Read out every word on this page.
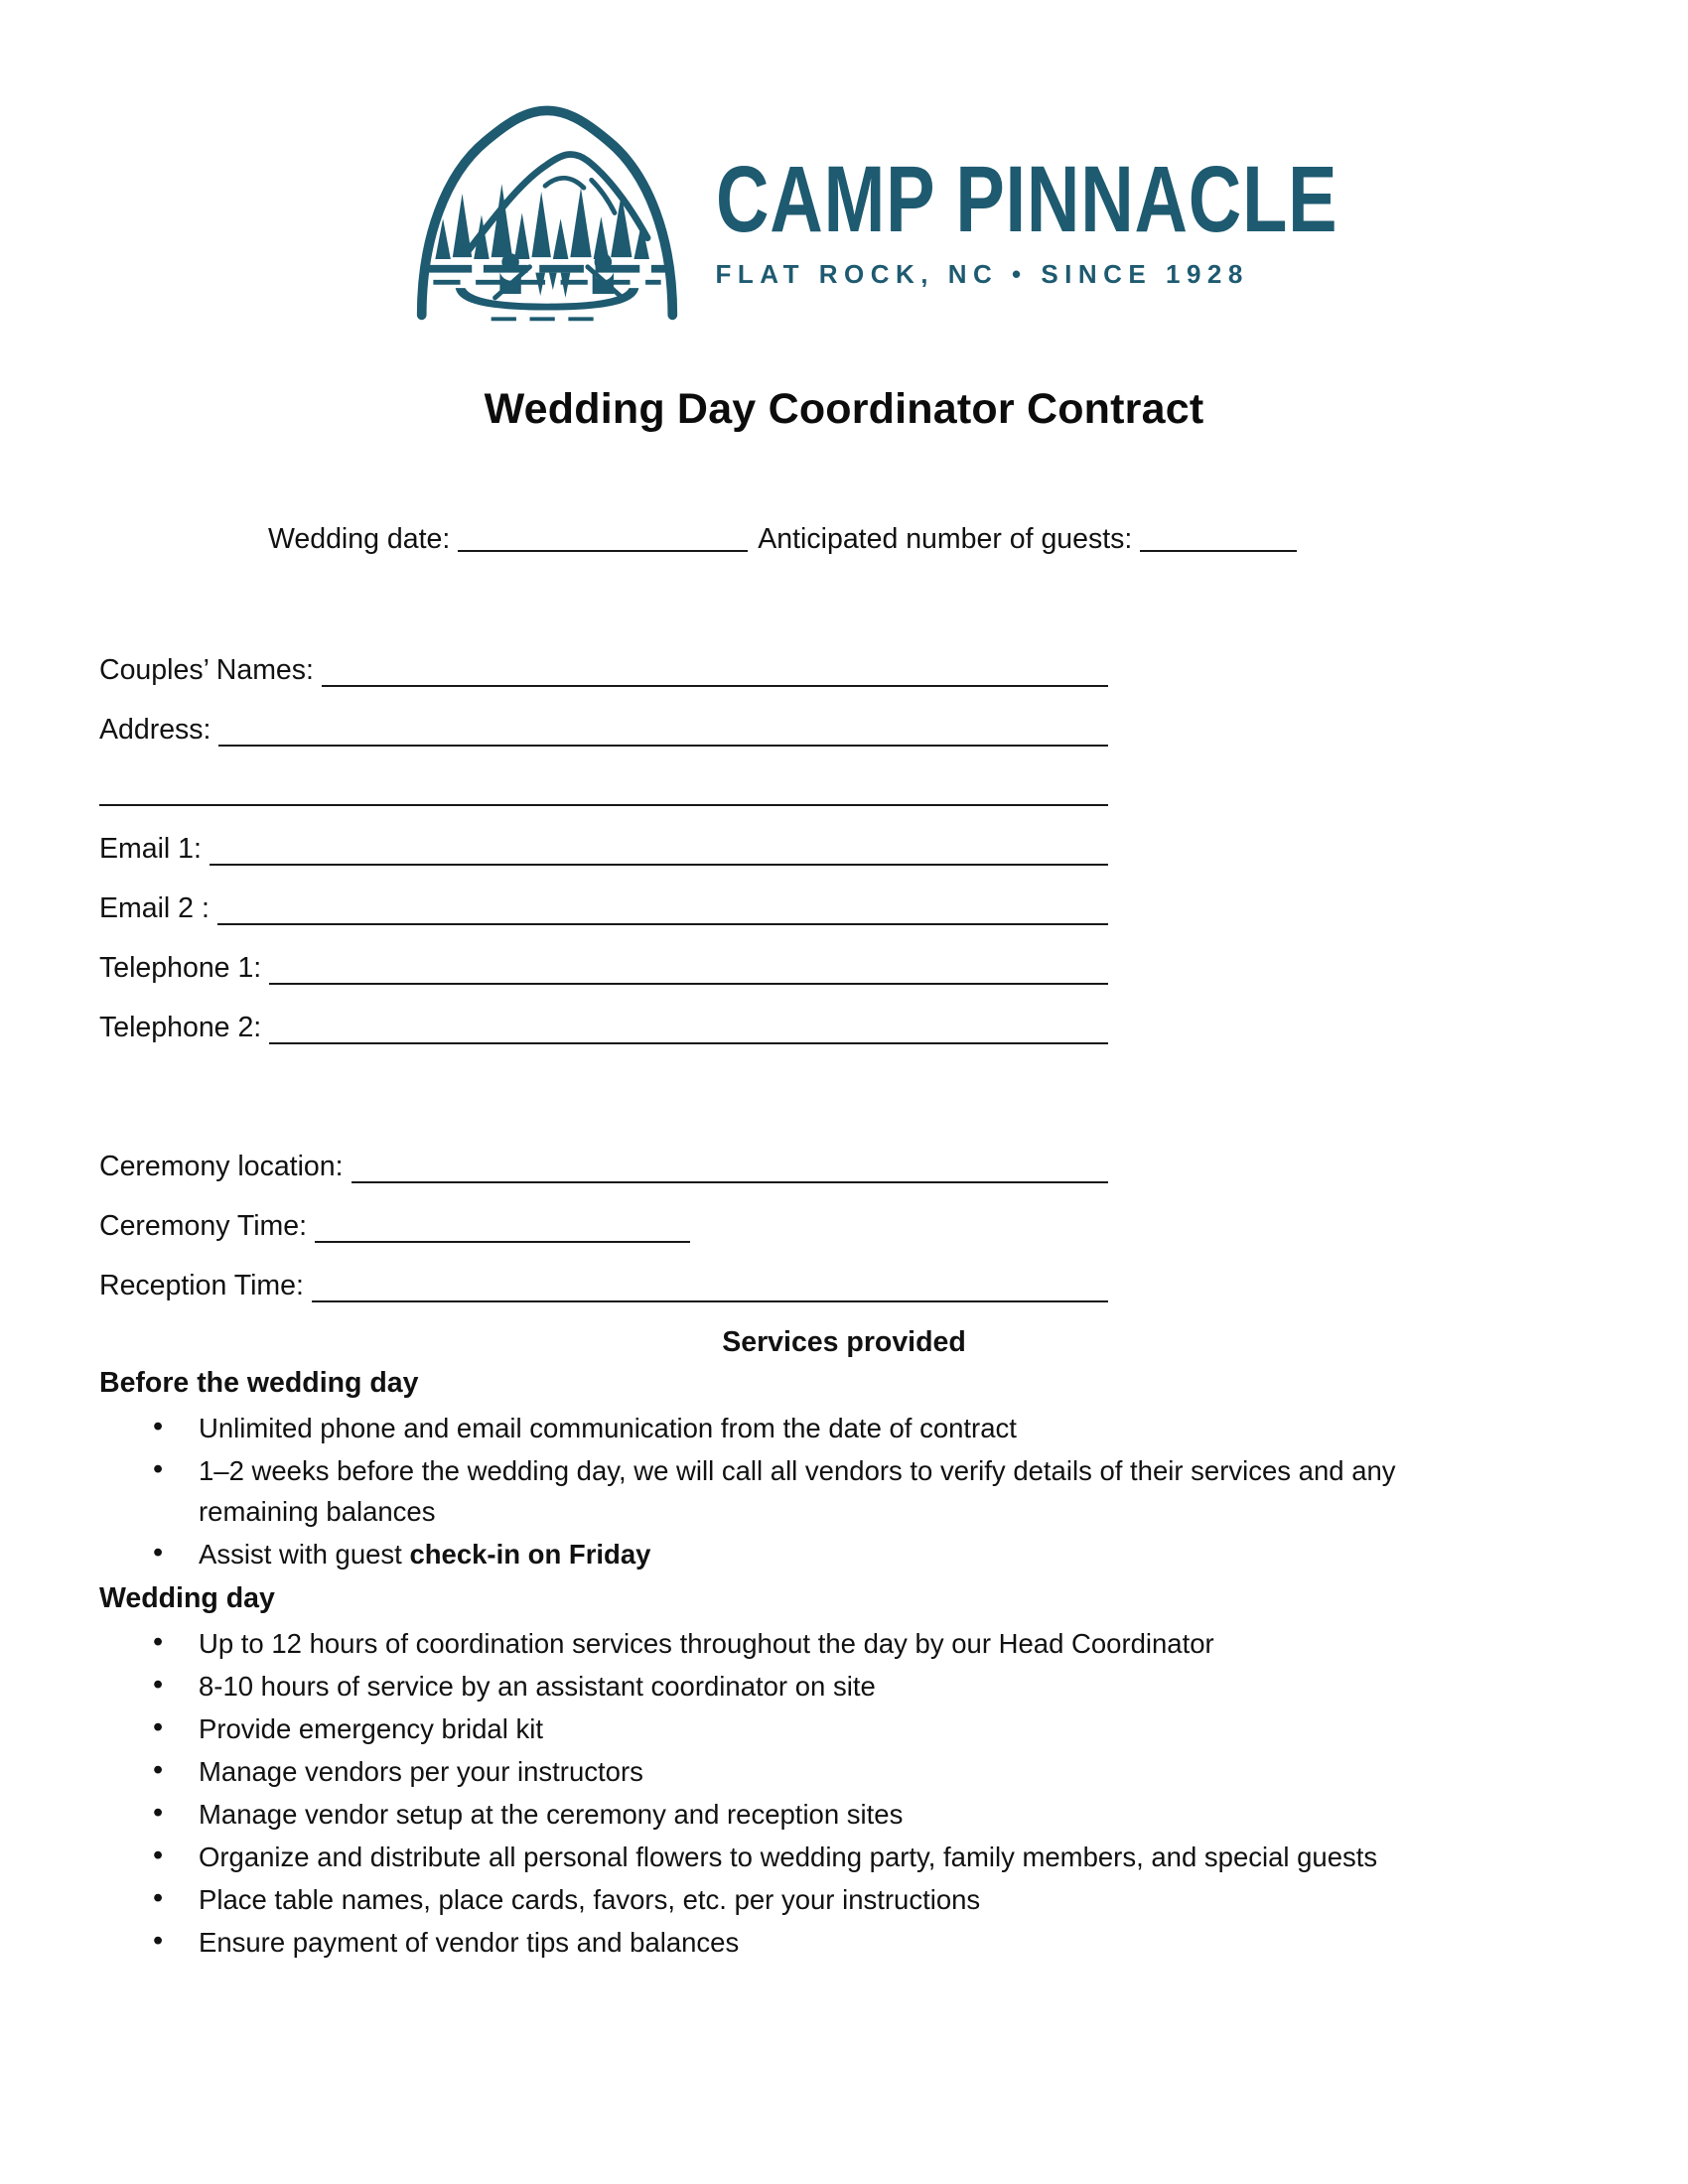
CAMP PINNACLE
FLAT ROCK, NC • SINCE 1928
Wedding Day Coordinator Contract
Wedding date:	Anticipated number of guests:
Couples’ Names:
Address:
Email 1:
Email 2 :
Telephone 1:
Telephone 2:
Ceremony location:
Ceremony Time:
Reception Time:
Services provided
Before the wedding day
• Unlimited phone and email communication from the date of contract
• 1–2 weeks before the wedding day, we will call all vendors to verify details of their services and any remaining balances
• Assist with guest check-in on Friday
Wedding day
• Up to 12 hours of coordination services throughout the day by our Head Coordinator
• 8-10 hours of service by an assistant coordinator on site
• Provide emergency bridal kit
• Manage vendors per your instructors
• Manage vendor setup at the ceremony and reception sites
• Organize and distribute all personal flowers to wedding party, family members, and special guests
• Place table names, place cards, favors, etc. per your instructions
• Ensure payment of vendor tips and balances
